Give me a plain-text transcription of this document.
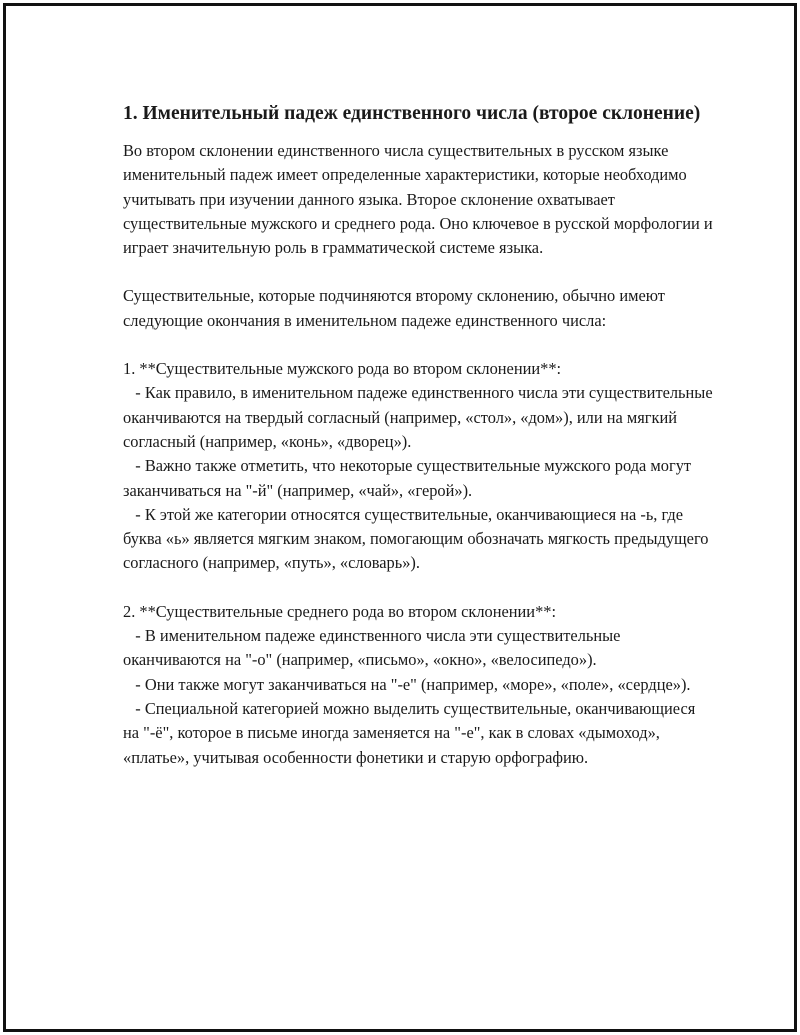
1. Именительный падеж единственного числа (второе склонение)

Во втором склонении единственного числа существительных в русском языке именительный падеж имеет определенные характеристики, которые необходимо учитывать при изучении данного языка. Второе склонение охватывает существительные мужского и среднего рода. Оно ключевое в русской морфологии и играет значительную роль в грамматической системе языка.

Существительные, которые подчиняются второму склонению, обычно имеют следующие окончания в именительном падеже единственного числа:

1. **Существительные мужского рода во втором склонении**:
- Как правило, в именительном падеже единственного числа эти существительные оканчиваются на твердый согласный (например, «стол», «дом»), или на мягкий согласный (например, «конь», «дворец»).
- Важно также отметить, что некоторые существительные мужского рода могут заканчиваться на "-й" (например, «чай», «герой»).
- К этой же категории относятся существительные, оканчивающиеся на -ь, где буква «ь» является мягким знаком, помогающим обозначать мягкость предыдущего согласного (например, «путь», «словарь»).

2. **Существительные среднего рода во втором склонении**:
- В именительном падеже единственного числа эти существительные оканчиваются на "-о" (например, «письмо», «окно», «велосипедо»).
- Они также могут заканчиваться на "-е" (например, «море», «поле», «сердце»).
- Специальной категорией можно выделить существительные, оканчивающиеся на "-ё", которое в письме иногда заменяется на "-е", как в словах «дымоход», «платье», учитывая особенности фонетики и старую орфографию.
